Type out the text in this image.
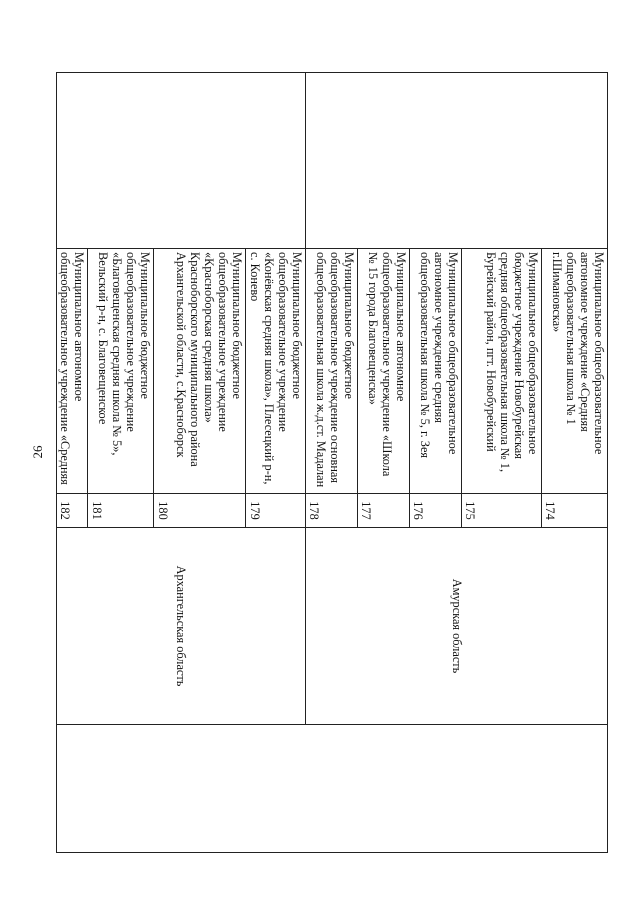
26
		Муниципальное общеобразовательное автономное учреждение «Средняя общеобразовательная школа № 1 г.Шимановска»	174	Амурская область	
	Муниципальное общеобразовательное бюджетное учреждение Новобурейская средняя общеобразовательная школа № 1, Бурейский район, пгт. Новобурейский	175		
	Муниципальное общеобразовательное автономное учреждение средняя общеобразовательная школа № 5, г. Зея	176		
	Муниципальное автономное общеобразовательное учреждение «Школа № 15 города Благовещенска»	177		
	Муниципальное бюджетное общеобразовательное учреждение основная общеобразовательная школа ж.д.ст. Мадалан	178		
	Муниципальное бюджетное общеобразовательное учреждение «Конёвская средняя школа», Плесецкий р-н, с. Конево	179	Архангельская область	
	Муниципальное бюджетное общеобразовательное учреждение «Красноборская средняя школа» Красноборского муниципального района Архангельской области, с.Красноборск	180		
	Муниципальное бюджетное общеобразовательное учреждение «Благовещенская средняя школа № 5», Вельский р-н, с. Благовещенское	181		
	Муниципальное автономное общеобразовательное учреждение «Средняя	182		
